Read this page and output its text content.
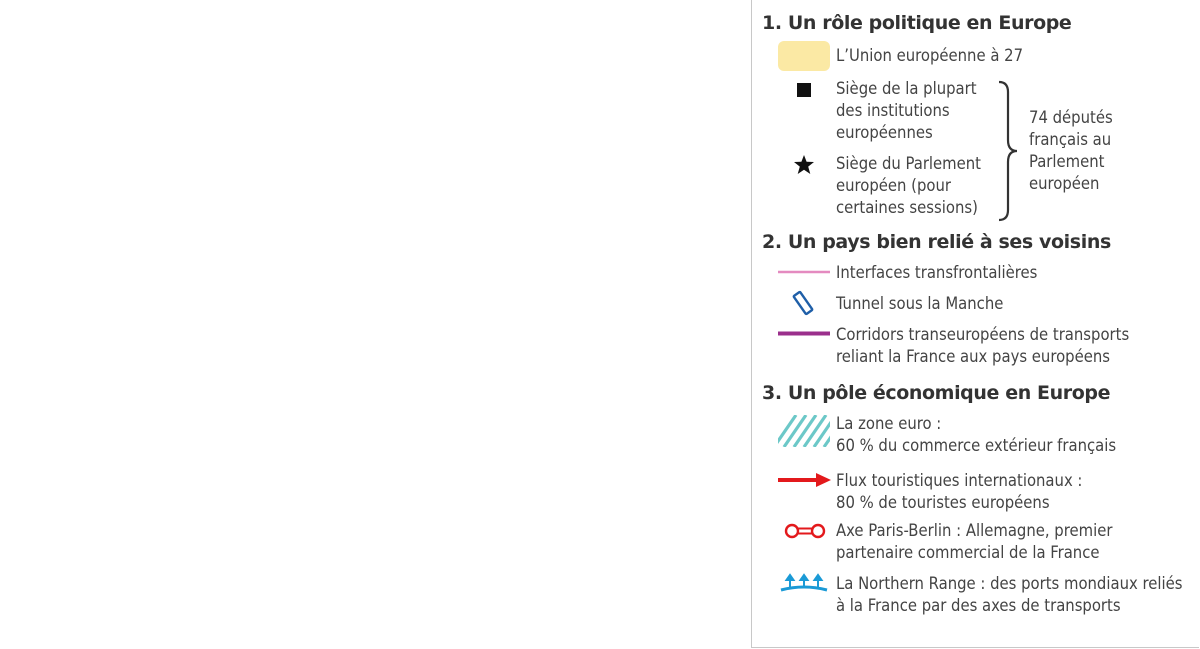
1. Un rôle politique en Europe
L’Union européenne à 27
Siège de la plupart
des institutions
européennes
Siège du Parlement
européen (pour
certaines sessions)
74 députés
français au
Parlement
européen
2. Un pays bien relié à ses voisins
Interfaces transfrontalières
Tunnel sous la Manche
Corridors transeuropéens de transports
reliant la France aux pays européens
3. Un pôle économique en Europe
La zone euro :
60 % du commerce extérieur français
Flux touristiques internationaux :
80 % de touristes européens
Axe Paris-Berlin : Allemagne, premier
partenaire commercial de la France
La Northern Range : des ports mondiaux reliés
à la France par des axes de transports
